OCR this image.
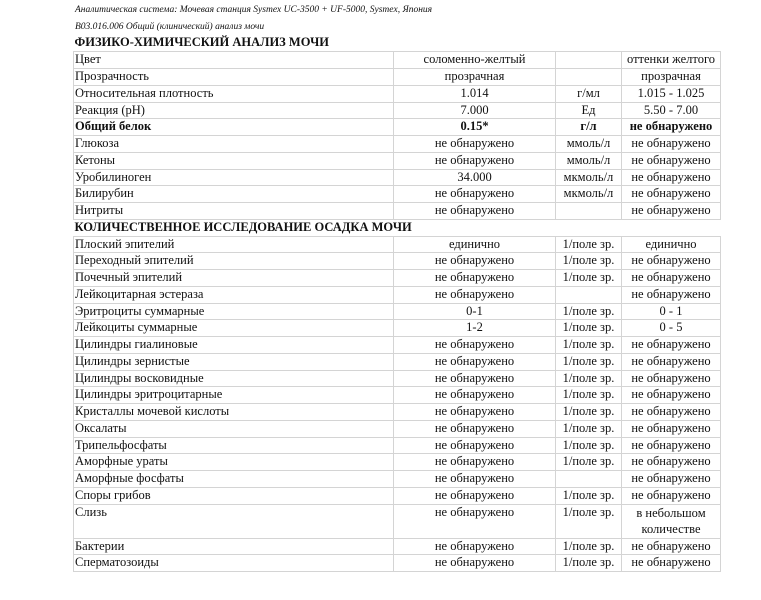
Аналитическая система: Мочевая станция Sysmex UC-3500 + UF-5000, Sysmex, Япония
B03.016.006 Общий (клинический) анализ мочи
ФИЗИКО-ХИМИЧЕСКИЙ АНАЛИЗ МОЧИ			
Цвет	соломенно-желтый		оттенки желтого
Прозрачность	прозрачная		прозрачная
Относительная плотность	1.014	г/мл	1.015 - 1.025
Реакция (pH)	7.000	Ед	5.50 - 7.00
Общий белок	0.15*	г/л	не обнаружено
Глюкоза	не обнаружено	ммоль/л	не обнаружено
Кетоны	не обнаружено	ммоль/л	не обнаружено
Уробилиноген	34.000	мкмоль/л	не обнаружено
Билирубин	не обнаружено	мкмоль/л	не обнаружено
Нитриты	не обнаружено		не обнаружено
КОЛИЧЕСТВЕННОЕ ИССЛЕДОВАНИЕ ОСАДКА МОЧИ			
Плоский эпителий	единично	1/поле зр.	единично
Переходный эпителий	не обнаружено	1/поле зр.	не обнаружено
Почечный эпителий	не обнаружено	1/поле зр.	не обнаружено
Лейкоцитарная эстераза	не обнаружено		не обнаружено
Эритроциты суммарные	0-1	1/поле зр.	0 - 1
Лейкоциты суммарные	1-2	1/поле зр.	0 - 5
Цилиндры гиалиновые	не обнаружено	1/поле зр.	не обнаружено
Цилиндры зернистые	не обнаружено	1/поле зр.	не обнаружено
Цилиндры восковидные	не обнаружено	1/поле зр.	не обнаружено
Цилиндры эритроцитарные	не обнаружено	1/поле зр.	не обнаружено
Кристаллы мочевой кислоты	не обнаружено	1/поле зр.	не обнаружено
Оксалаты	не обнаружено	1/поле зр.	не обнаружено
Трипельфосфаты	не обнаружено	1/поле зр.	не обнаружено
Аморфные ураты	не обнаружено	1/поле зр.	не обнаружено
Аморфные фосфаты	не обнаружено		не обнаружено
Споры грибов	не обнаружено	1/поле зр.	не обнаружено
Слизь	не обнаружено	1/поле зр.	в небольшом количестве
Бактерии	не обнаружено	1/поле зр.	не обнаружено
Сперматозоиды	не обнаружено	1/поле зр.	не обнаружено
